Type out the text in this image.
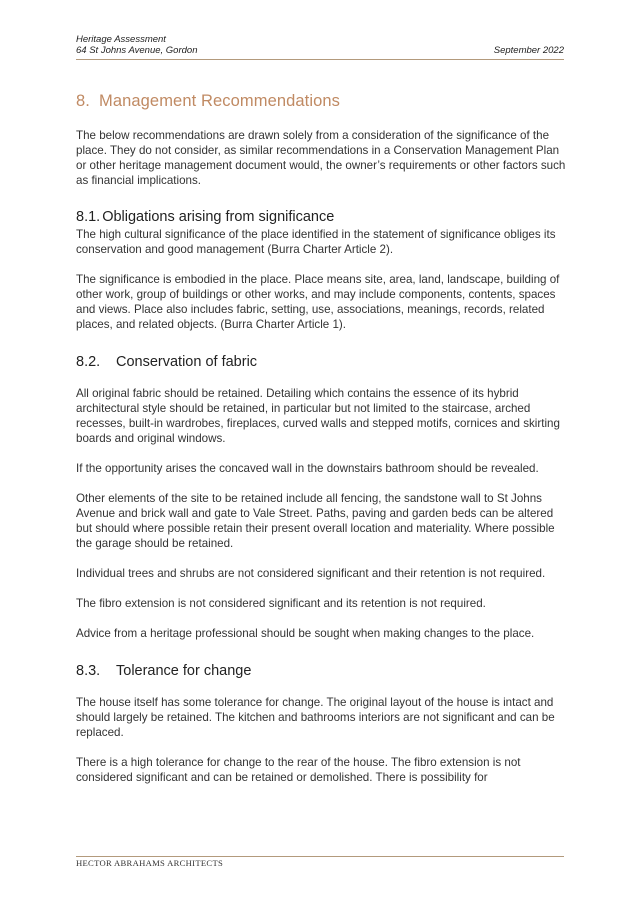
Heritage Assessment
64 St Johns Avenue, Gordon	September 2022
8. Management Recommendations

The below recommendations are drawn solely from a consideration of the significance of the place. They do not consider, as similar recommendations in a Conservation Management Plan or other heritage management document would, the owner’s requirements or other factors such as financial implications.

8.1. Obligations arising from significance

The high cultural significance of the place identified in the statement of significance obliges its conservation and good management (Burra Charter Article 2).

The significance is embodied in the place. Place means site, area, land, landscape, building of other work, group of buildings or other works, and may include components, contents, spaces and views. Place also includes fabric, setting, use, associations, meanings, records, related places, and related objects. (Burra Charter Article 1).

8.2. Conservation of fabric

All original fabric should be retained. Detailing which contains the essence of its hybrid architectural style should be retained, in particular but not limited to the staircase, arched recesses, built-in wardrobes, fireplaces, curved walls and stepped motifs, cornices and skirting boards and original windows.

If the opportunity arises the concaved wall in the downstairs bathroom should be revealed.

Other elements of the site to be retained include all fencing, the sandstone wall to St Johns Avenue and brick wall and gate to Vale Street. Paths, paving and garden beds can be altered but should where possible retain their present overall location and materiality. Where possible the garage should be retained.

Individual trees and shrubs are not considered significant and their retention is not required.

The fibro extension is not considered significant and its retention is not required.

Advice from a heritage professional should be sought when making changes to the place.

8.3. Tolerance for change

The house itself has some tolerance for change. The original layout of the house is intact and should largely be retained. The kitchen and bathrooms interiors are not significant and can be replaced.

There is a high tolerance for change to the rear of the house. The fibro extension is not considered significant and can be retained or demolished. There is possibility for

HECTOR ABRAHAMS ARCHITECTS
